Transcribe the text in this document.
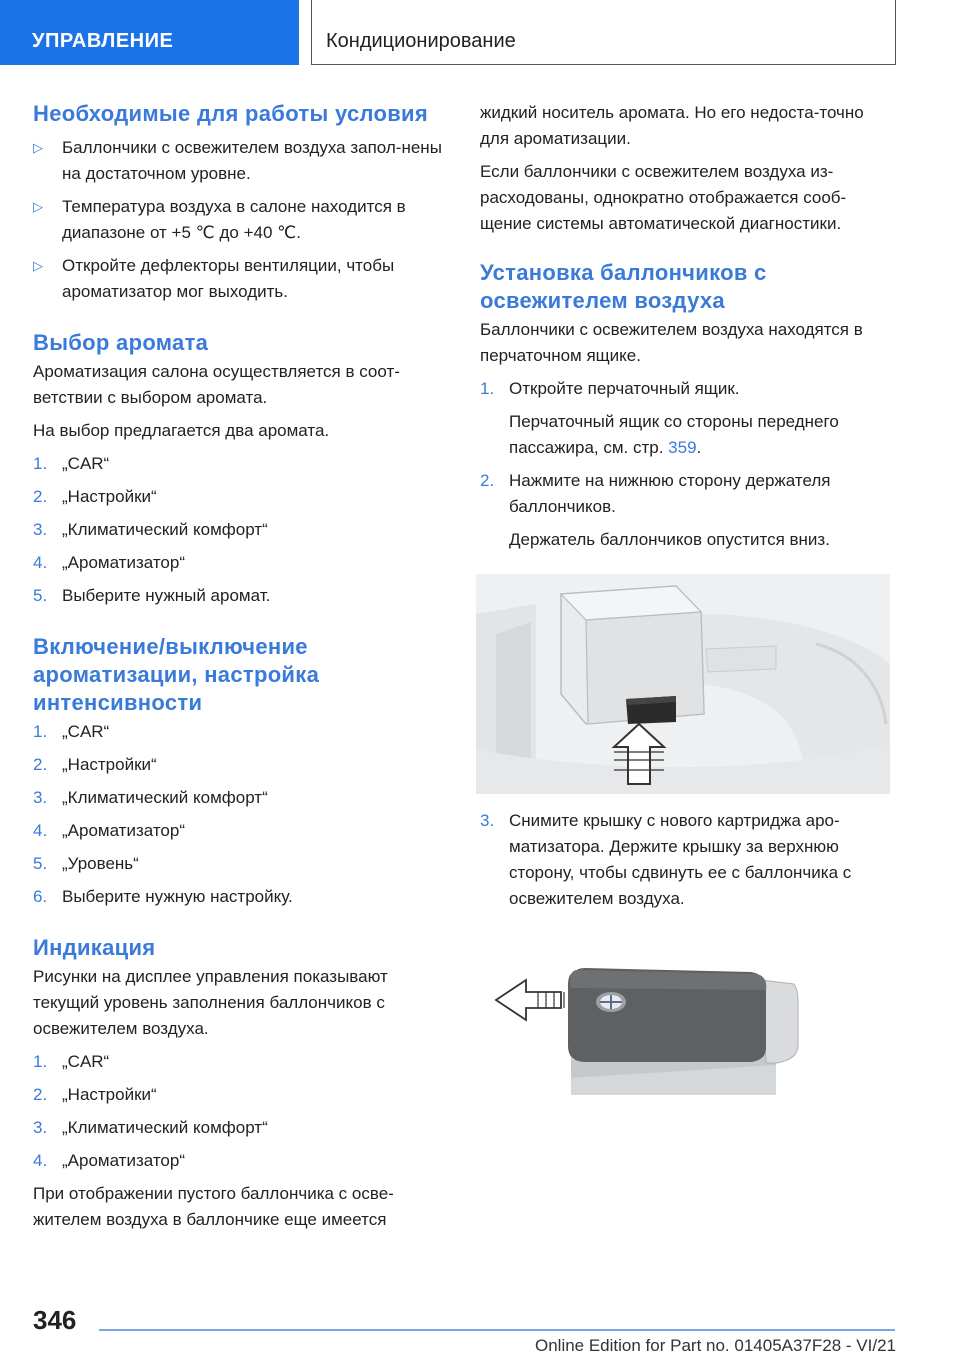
УПРАВЛЕНИЕ	Кондиционирование
Необходимые для работы условия
▷ Баллончики с освежителем воздуха запол-нены на достаточном уровне.
▷ Температура воздуха в салоне находится в диапазоне от +5 ℃ до +40 ℃.
▷ Откройте дефлекторы вентиляции, чтобы ароматизатор мог выходить.
Выбор аромата

Ароматизация салона осуществляется в соот-ветствии с выбором аромата.

На выбор предлагается два аромата.

1. „CAR“
2. „Настройки“
3. „Климатический комфорт“
4. „Ароматизатор“
5. Выберите нужный аромат.
Включение/выключение
ароматизации, настройка
интенсивности
1. „CAR“
2. „Настройки“
3. „Климатический комфорт“
4. „Ароматизатор“
5. „Уровень“
6. Выберите нужную настройку.
Индикация

Рисунки на дисплее управления показывают текущий уровень заполнения баллончиков с освежителем воздуха.

1. „CAR“
2. „Настройки“
3. „Климатический комфорт“
4. „Ароматизатор“

При отображении пустого баллончика с осве-жителем воздуха в баллончике еще имеется

жидкий носитель аромата. Но его недоста-точно для ароматизации.

Если баллончики с освежителем воздуха из-расходованы, однократно отображается сооб-щение системы автоматической диагностики.

Установка баллончиков с
освежителем воздуха

Баллончики с освежителем воздуха находятся в перчаточном ящике.

1. Откройте перчаточный ящик.

Перчаточный ящик со стороны переднего пассажира, см. стр. 359.

2. Нажмите на нижнюю сторону держателя баллончиков.

Держатель баллончиков опустится вниз.

3. Снимите крышку с нового картриджа аро-матизатора. Держите крышку за верхнюю сторону, чтобы сдвинуть ее с баллончика с освежителем воздуха.
346
Online Edition for Part no. 01405A37F28 - VI/21
